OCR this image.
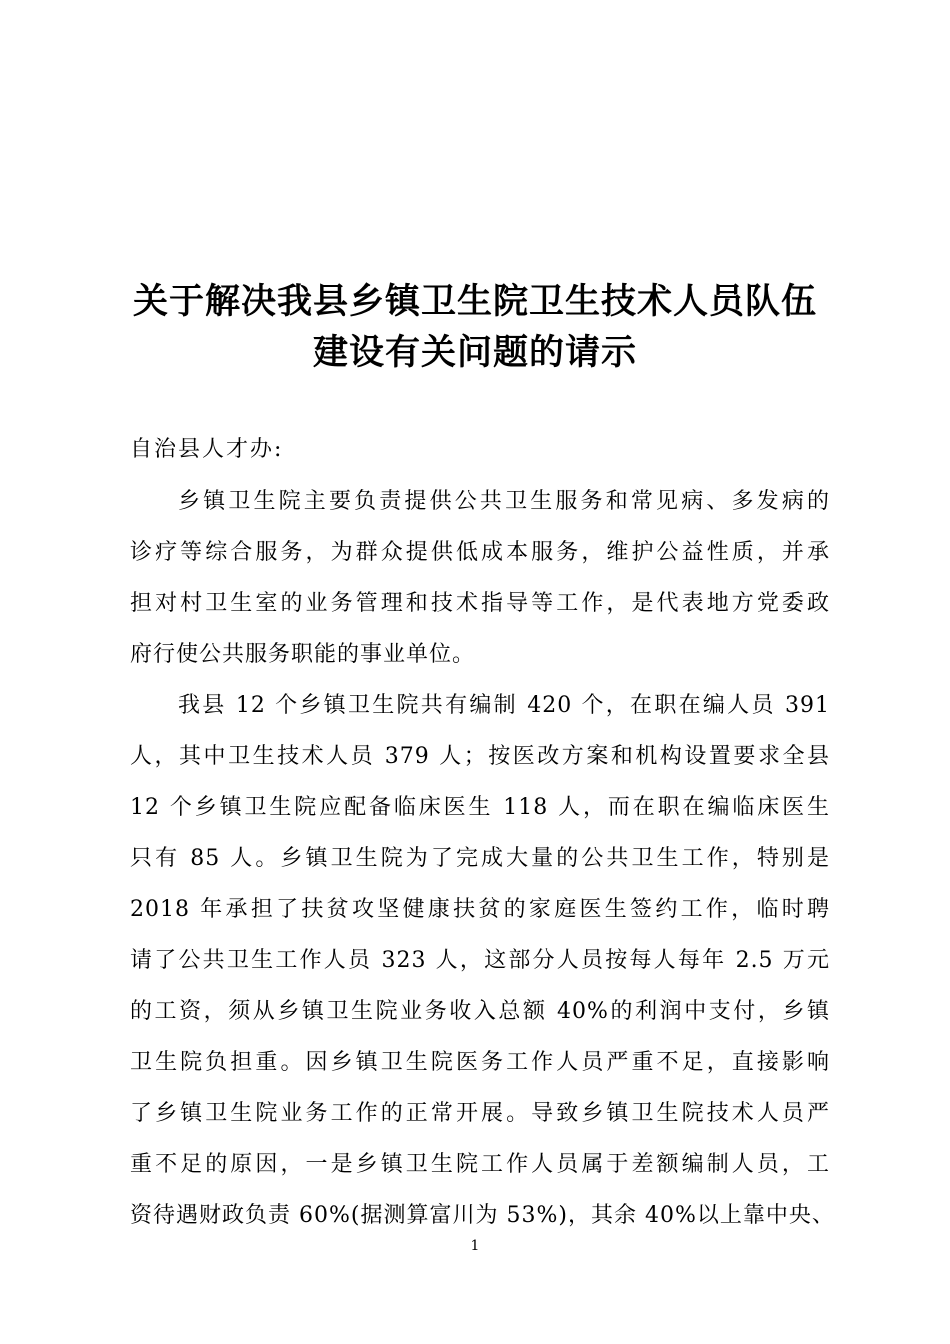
关于解决我县乡镇卫生院卫生技术人员队伍
建设有关问题的请示
自治县人才办:
乡镇卫生院主要负责提供公共卫生服务和常见病、多发病的
诊疗等综合服务，为群众提供低成本服务，维护公益性质，并承
担对村卫生室的业务管理和技术指导等工作，是代表地方党委政
府行使公共服务职能的事业单位。
我县 12 个乡镇卫生院共有编制 420 个，在职在编人员 391
人，其中卫生技术人员 379 人；按医改方案和机构设置要求全县
12 个乡镇卫生院应配备临床医生 118 人，而在职在编临床医生
只有 85 人。乡镇卫生院为了完成大量的公共卫生工作，特别是
2018 年承担了扶贫攻坚健康扶贫的家庭医生签约工作，临时聘
请了公共卫生工作人员 323 人，这部分人员按每人每年 2.5 万元
的工资，须从乡镇卫生院业务收入总额 40%的利润中支付，乡镇
卫生院负担重。因乡镇卫生院医务工作人员严重不足，直接影响
了乡镇卫生院业务工作的正常开展。导致乡镇卫生院技术人员严
重不足的原因，一是乡镇卫生院工作人员属于差额编制人员，工
资待遇财政负责 60%(据测算富川为 53%)，其余 40%以上靠中央、
1
